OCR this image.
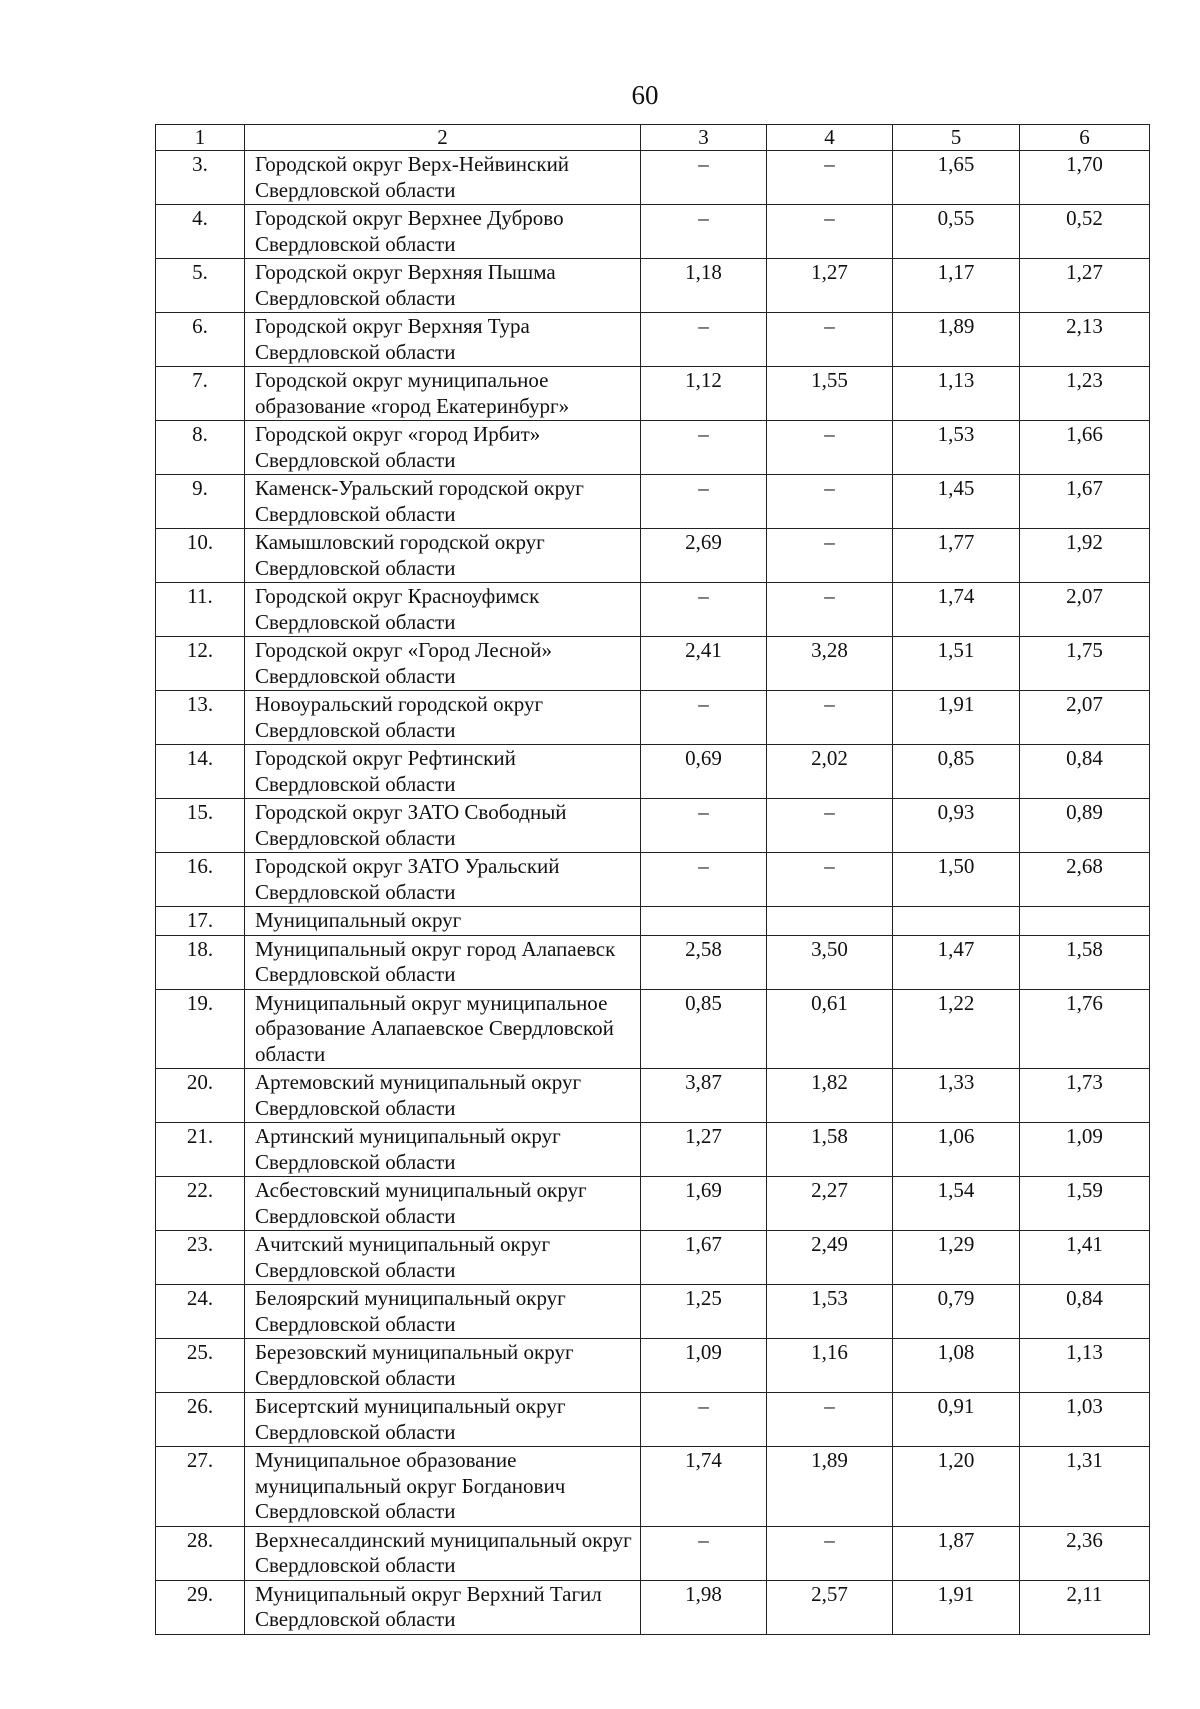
60
1	2	3	4	5	6
3.	Городской округ Верх-Нейвинский Свердловской области	–	–	1,65	1,70
4.	Городской округ Верхнее Дуброво Свердловской области	–	–	0,55	0,52
5.	Городской округ Верхняя Пышма Свердловской области	1,18	1,27	1,17	1,27
6.	Городской округ Верхняя Тура Свердловской области	–	–	1,89	2,13
7.	Городской округ муниципальное образование «город Екатеринбург»	1,12	1,55	1,13	1,23
8.	Городской округ «город Ирбит» Свердловской области	–	–	1,53	1,66
9.	Каменск-Уральский городской округ Свердловской области	–	–	1,45	1,67
10.	Камышловский городской округ Свердловской области	2,69	–	1,77	1,92
11.	Городской округ Красноуфимск Свердловской области	–	–	1,74	2,07
12.	Городской округ «Город Лесной» Свердловской области	2,41	3,28	1,51	1,75
13.	Новоуральский городской округ Свердловской области	–	–	1,91	2,07
14.	Городской округ Рефтинский Свердловской области	0,69	2,02	0,85	0,84
15.	Городской округ ЗАТО Свободный Свердловской области	–	–	0,93	0,89
16.	Городской округ ЗАТО Уральский Свердловской области	–	–	1,50	2,68
17.	Муниципальный округ				
18.	Муниципальный округ город Алапаевск Свердловской области	2,58	3,50	1,47	1,58
19.	Муниципальный округ муниципальное образование Алапаевское Свердловской области	0,85	0,61	1,22	1,76
20.	Артемовский муниципальный округ Свердловской области	3,87	1,82	1,33	1,73
21.	Артинский муниципальный округ Свердловской области	1,27	1,58	1,06	1,09
22.	Асбестовский муниципальный округ Свердловской области	1,69	2,27	1,54	1,59
23.	Ачитский муниципальный округ Свердловской области	1,67	2,49	1,29	1,41
24.	Белоярский муниципальный округ Свердловской области	1,25	1,53	0,79	0,84
25.	Березовский муниципальный округ Свердловской области	1,09	1,16	1,08	1,13
26.	Бисертский муниципальный округ Свердловской области	–	–	0,91	1,03
27.	Муниципальное образование муниципальный округ Богданович Свердловской области	1,74	1,89	1,20	1,31
28.	Верхнесалдинский муниципальный округ Свердловской области	–	–	1,87	2,36
29.	Муниципальный округ Верхний Тагил Свердловской области	1,98	2,57	1,91	2,11
